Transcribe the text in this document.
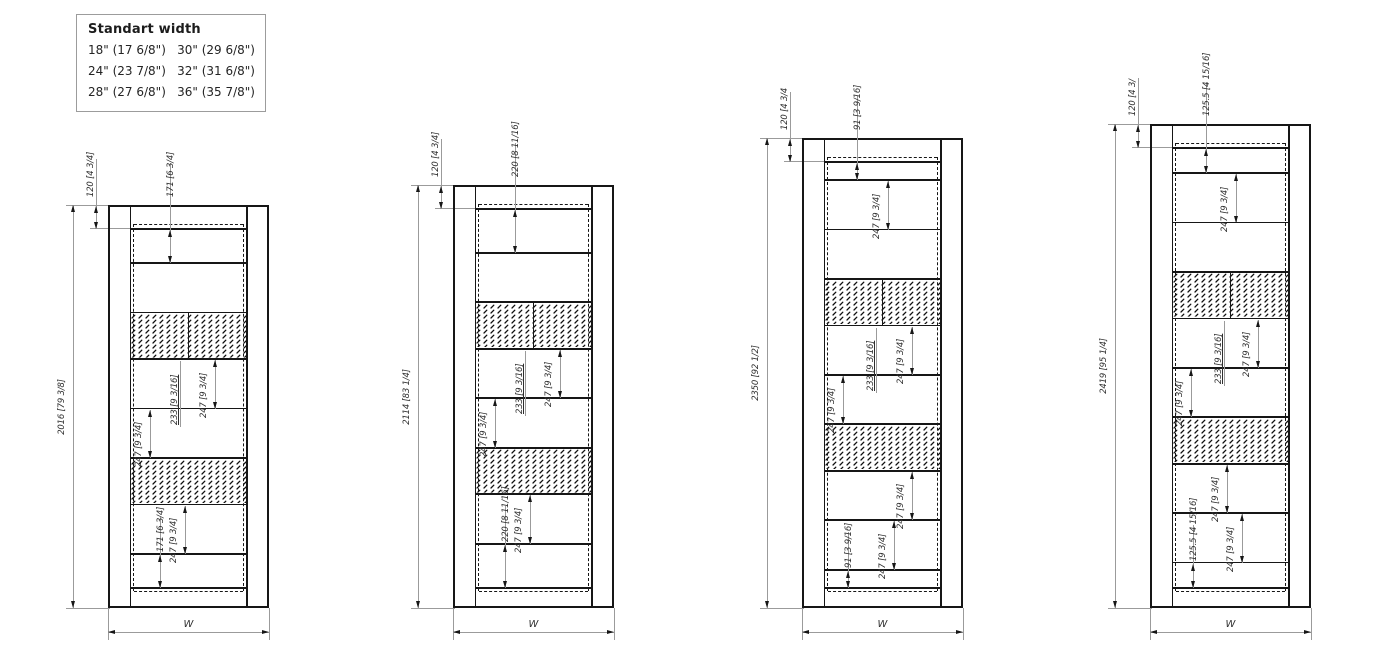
Standart width
18" (17 6/8") 30" (29 6/8")
24" (23 7/8") 32" (31 6/8")
28" (27 6/8") 36" (35 7/8")
2016 [79 3/8]
120 [4 3/4]
W
171 [6 3/4]
233 [9 3/16] 247 [9 3/4]
247 [9 3/4]
247 [9 3/4]
171 [6 3/4]
2114 [83 1/4]
120 [4 3/4]
W
220 [8 11/16]
233 [9 3/16] 247 [9 3/4]
247 [9 3/4]
247 [9 3/4]
220 [8 11/16]
2350 [92 1/2]
120 [4 3/4
W
91 [3 9/16]
247 [9 3/4]
233 [9 3/16] 247 [9 3/4]
247 [9 3/4]
247 [9 3/4]
247 [9 3/4]
91 [3 9/16]
2419 [95 1/4]
120 [4 3/
W
125.5 [4 15/16]
247 [9 3/4]
233 [9 3/16] 247 [9 3/4]
247 [9 3/4]
247 [9 3/4]
247 [9 3/4]
125.5 [4 15/16]
